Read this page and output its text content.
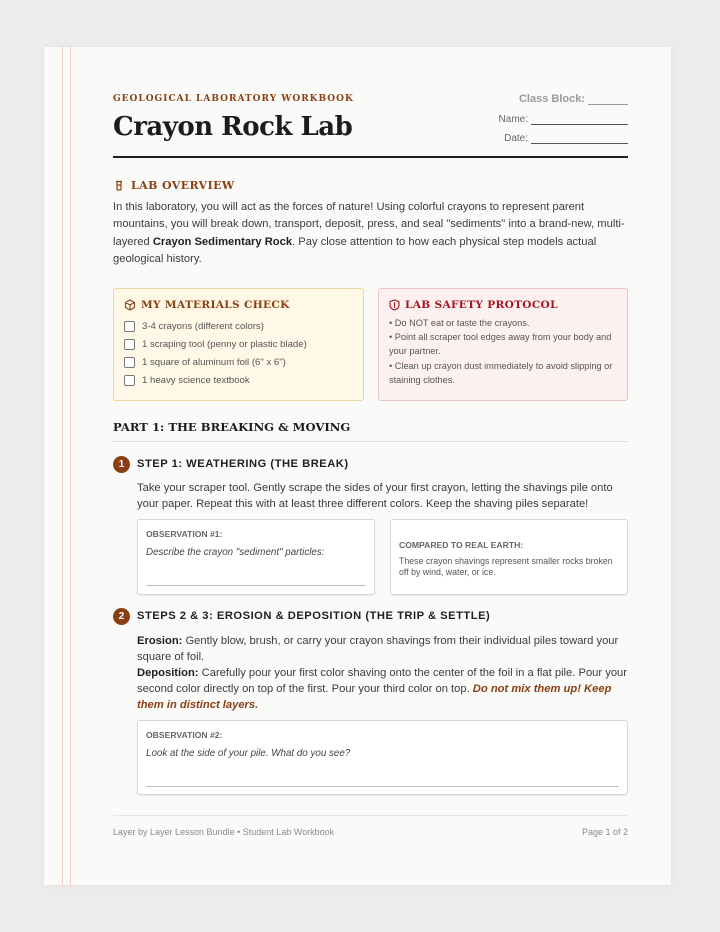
GEOLOGICAL LABORATORY WORKBOOK
Crayon Rock Lab
Class Block:
Name:
Date:
LAB OVERVIEW
In this laboratory, you will act as the forces of nature! Using colorful crayons to represent parent mountains, you will break down, transport, deposit, press, and seal "sediments" into a brand-new, multi-layered Crayon Sedimentary Rock. Pay close attention to how each physical step models actual geological history.
MY MATERIALS CHECK
3-4 crayons (different colors)
1 scraping tool (penny or plastic blade)
1 square of aluminum foil (6" x 6")
1 heavy science textbook
LAB SAFETY PROTOCOL
• Do NOT eat or taste the crayons.
• Point all scraper tool edges away from your body and your partner.
• Clean up crayon dust immediately to avoid slipping or staining clothes.
PART 1: THE BREAKING & MOVING
1	STEP 1: WEATHERING (THE BREAK)
Take your scraper tool. Gently scrape the sides of your first crayon, letting the shavings pile onto your paper. Repeat this with at least three different colors. Keep the shaving piles separate!
OBSERVATION #1:
Describe the crayon "sediment" particles:
COMPARED TO REAL EARTH:
These crayon shavings represent smaller rocks broken off by wind, water, or ice.
2	STEPS 2 & 3: EROSION & DEPOSITION (THE TRIP & SETTLE)
Erosion: Gently blow, brush, or carry your crayon shavings from their individual piles toward your square of foil.
Deposition: Carefully pour your first color shaving onto the center of the foil in a flat pile. Pour your second color directly on top of the first. Pour your third color on top. Do not mix them up! Keep them in distinct layers.
OBSERVATION #2:
Look at the side of your pile. What do you see?
Layer by Layer Lesson Bundle • Student Lab Workbook	Page 1 of 2
